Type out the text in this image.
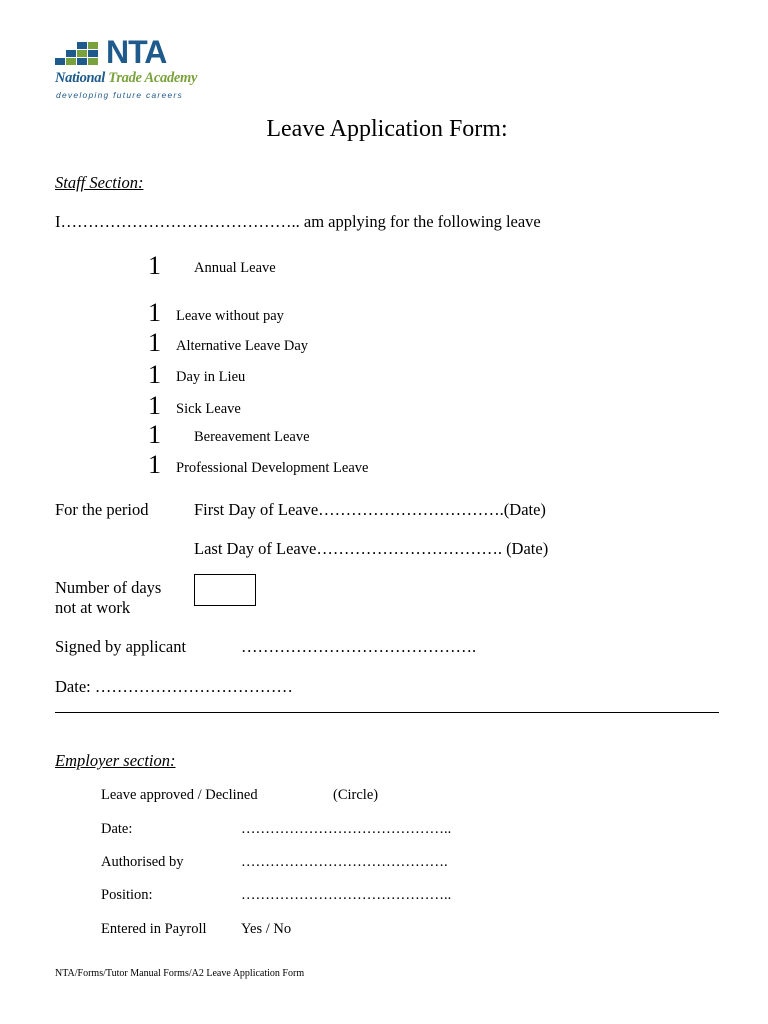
NTA
National Trade Academy
developing future careers
Leave Application Form:
Staff Section:
I…………………………………….. am applying for the following leave
1 Annual Leave
1 Leave without pay
1 Alternative Leave Day
1 Day in Lieu
1 Sick Leave
1 Bereavement Leave
1 Professional Development Leave
For the period	First Day of Leave…………………………….(Date)
Last Day of Leave……………………………. (Date)
Number of days
not at work
Signed by applicant	…………………………………….
Date: ………………………………
Employer section:
Leave approved / Declined	(Circle)
Date:	……………………………………..
Authorised by	…………………………………….
Position:	……………………………………..
Entered in Payroll Yes / No
NTA/Forms/Tutor Manual Forms/A2 Leave Application Form
